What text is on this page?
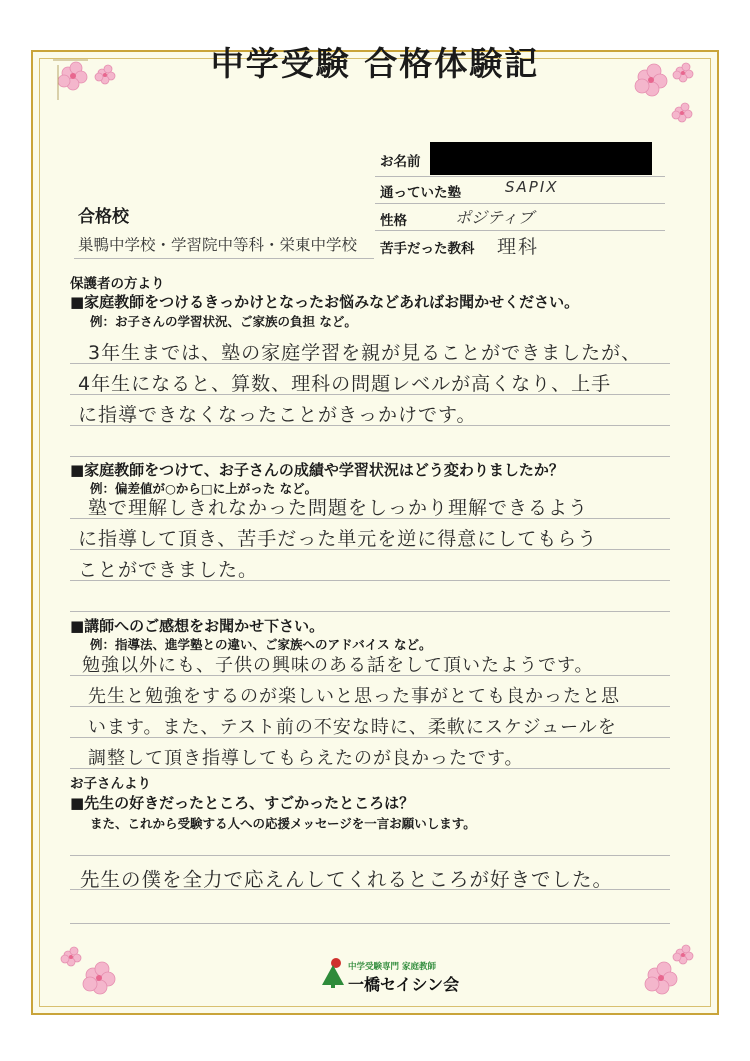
中学受験 合格体験記
お名前
通っていた塾	SAPIX
性格	ポジティブ
苦手だった教科 理科
合格校
巣鴨中学校・学習院中等科・栄東中学校
保護者の方より
■家庭教師をつけるきっかけとなったお悩みなどあればお聞かせください。
例：お子さんの学習状況、ご家族の負担 など。
3年生までは、塾の家庭学習を親が見ることができましたが、
4年生になると、算数、理科の問題レベルが高くなり、上手
に指導できなくなったことがきっかけです。
■家庭教師をつけて、お子さんの成績や学習状況はどう変わりましたか？
例：偏差値が○から□に上がった など。
塾で理解しきれなかった問題をしっかり理解できるよう
に指導して頂き、苦手だった単元を逆に得意にしてもらう
ことができました。
■講師へのご感想をお聞かせ下さい。
例：指導法、進学塾との違い、ご家族へのアドバイス など。
勉強以外にも、子供の興味のある話をして頂いたようです。
先生と勉強をするのが楽しいと思った事がとても良かったと思
います。また、テスト前の不安な時に、柔軟にスケジュールを
調整して頂き指導してもらえたのが良かったです。
お子さんより
■先生の好きだったところ、すごかったところは？
また、これから受験する人への応援メッセージを一言お願いします。
先生の僕を全力で応えんしてくれるところが好きでした。
中学受験専門 家庭教師
一橋セイシン会
